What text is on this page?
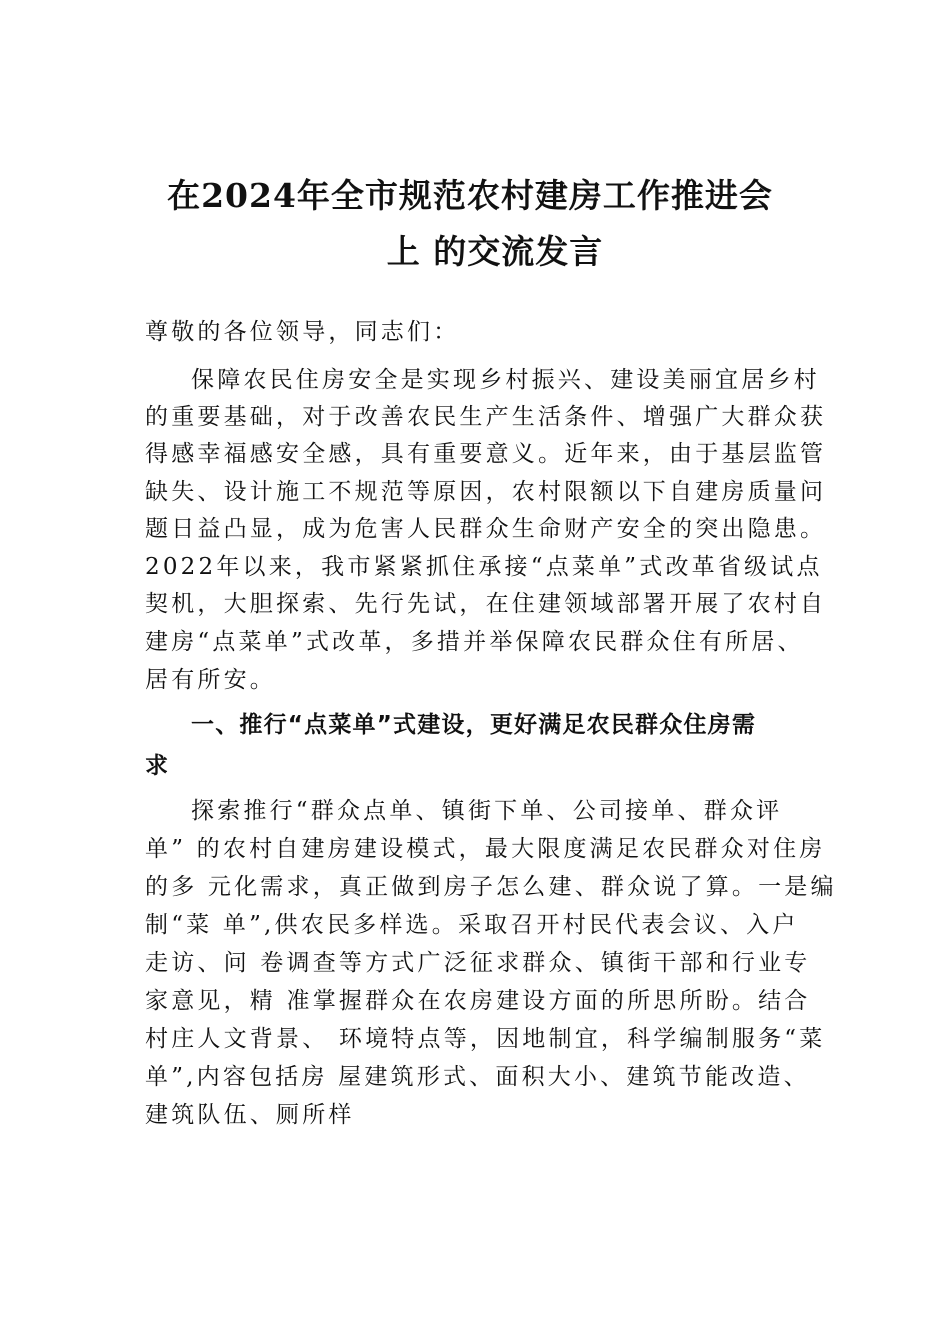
在2024年全市规范农村建房工作推进会
上 的交流发言
尊敬的各位领导，同志们：
保障农民住房安全是实现乡村振兴、建设美丽宜居乡村
的重要基础，对于改善农民生产生活条件、增强广大群众获
得感幸福感安全感，具有重要意义。近年来，由于基层监管
缺失、设计施工不规范等原因，农村限额以下自建房质量问
题日益凸显，成为危害人民群众生命财产安全的突出隐患。
2022年以来，我市紧紧抓住承接“点菜单”式改革省级试点
契机，大胆探索、先行先试，在住建领域部署开展了农村自
建房“点菜单”式改革，多措并举保障农民群众住有所居、
居有所安。
一、推行“点菜单”式建设，更好满足农民群众住房需
求
探索推行“群众点单、镇街下单、公司接单、群众评
单” 的农村自建房建设模式，最大限度满足农民群众对住房
的多 元化需求，真正做到房子怎么建、群众说了算。一是编
制“菜 单”,供农民多样选。采取召开村民代表会议、入户
走访、问 卷调查等方式广泛征求群众、镇街干部和行业专
家意见，精 准掌握群众在农房建设方面的所思所盼。结合
村庄人文背景、 环境特点等，因地制宜，科学编制服务“菜
单”,内容包括房 屋建筑形式、面积大小、建筑节能改造、
建筑队伍、厕所样
